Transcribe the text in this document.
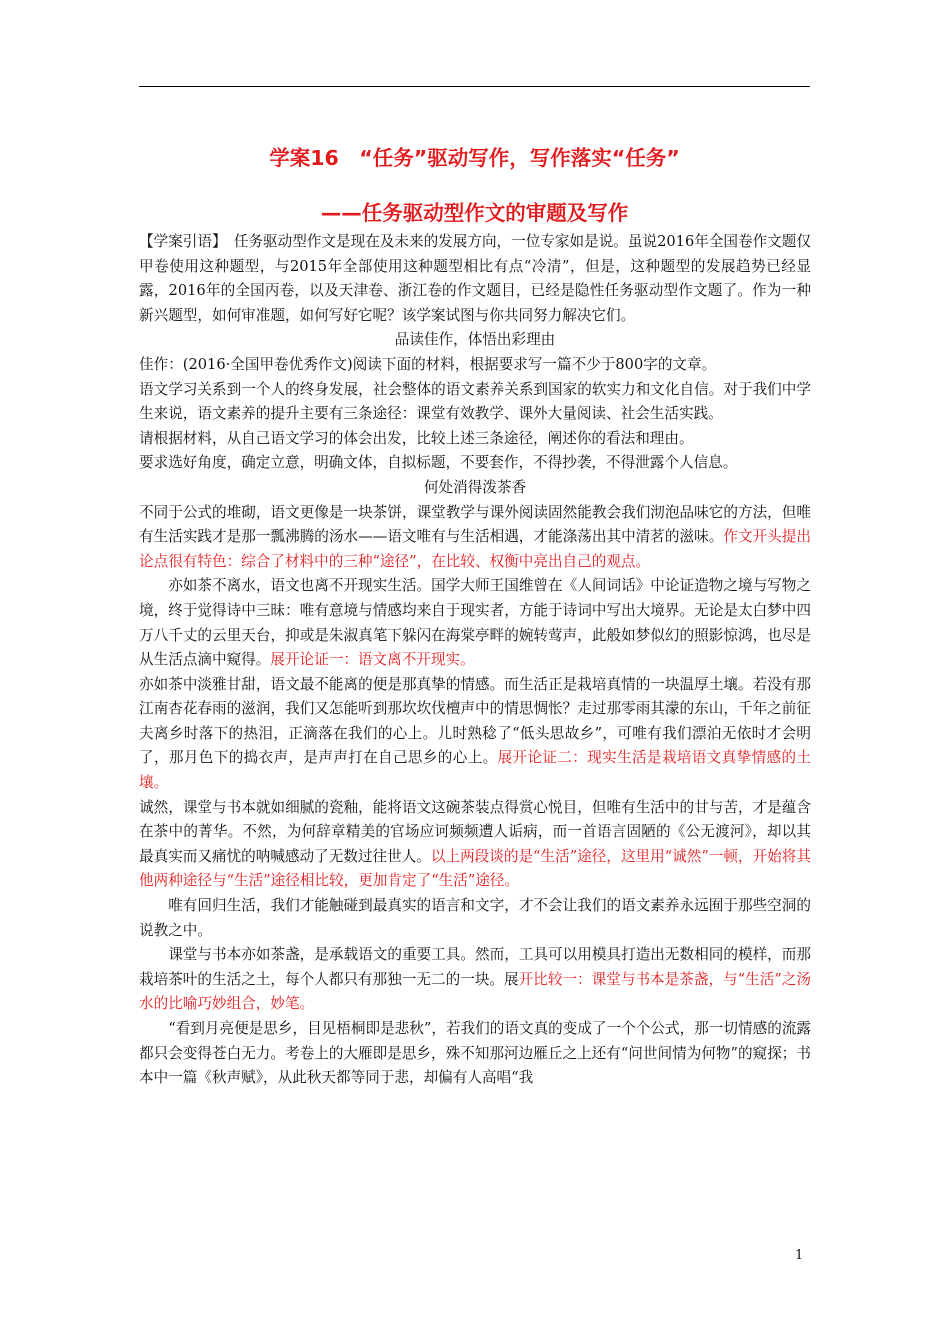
学案16　“任务”驱动写作，写作落实“任务”
——任务驱动型作文的审题及写作

【学案引语】　任务驱动型作文是现在及未来的发展方向，一位专家如是说。虽说2016年全国卷作文题仅甲卷使用这种题型，与2015年全部使用这种题型相比有点“冷清”，但是，这种题型的发展趋势已经显露，2016年的全国丙卷，以及天津卷、浙江卷的作文题目，已经是隐性任务驱动型作文题了。作为一种新兴题型，如何审准题，如何写好它呢？该学案试图与你共同努力解决它们。

品读佳作，体悟出彩理由

佳作：(2016·全国甲卷优秀作文)阅读下面的材料，根据要求写一篇不少于800字的文章。

语文学习关系到一个人的终身发展，社会整体的语文素养关系到国家的软实力和文化自信。对于我们中学生来说，语文素养的提升主要有三条途径：课堂有效教学、课外大量阅读、社会生活实践。

请根据材料，从自己语文学习的体会出发，比较上述三条途径，阐述你的看法和理由。

要求选好角度，确定立意，明确文体，自拟标题，不要套作，不得抄袭，不得泄露个人信息。

何处消得泼茶香

不同于公式的堆砌，语文更像是一块茶饼，课堂教学与课外阅读固然能教会我们沏泡品味它的方法，但唯有生活实践才是那一瓢沸腾的汤水——语文唯有与生活相遇，才能涤荡出其中清茗的滋味。作文开头提出论点很有特色：综合了材料中的三种“途径”，在比较、权衡中亮出自己的观点。

亦如茶不离水，语文也离不开现实生活。国学大师王国维曾在《人间词话》中论证造物之境与写物之境，终于觉得诗中三昧：唯有意境与情感均来自于现实者，方能于诗词中写出大境界。无论是太白梦中四万八千丈的云里天台，抑或是朱淑真笔下躲闪在海棠亭畔的婉转莺声，此般如梦似幻的照影惊鸿，也尽是从生活点滴中窥得。展开论证一：语文离不开现实。

亦如茶中淡雅甘甜，语文最不能离的便是那真挚的情感。而生活正是栽培真情的一块温厚土壤。若没有那江南杏花春雨的滋润，我们又怎能听到那坎坎伐檀声中的情思惆怅？走过那零雨其濛的东山，千年之前征夫离乡时落下的热泪，正滴落在我们的心上。儿时熟稔了“低头思故乡”，可唯有我们漂泊无依时才会明了，那月色下的捣衣声，是声声打在自己思乡的心上。展开论证二：现实生活是栽培语文真挚情感的土壤。

诚然，课堂与书本就如细腻的瓷釉，能将语文这碗茶装点得赏心悦目，但唯有生活中的甘与苦，才是蕴含在茶中的菁华。不然，为何辞章精美的官场应诃频频遭人诟病，而一首语言固陋的《公无渡河》，却以其最真实而又痛忧的呐喊感动了无数过往世人。以上两段谈的是“生活”途径，这里用“诚然”一顿，开始将其他两种途径与“生活”途径相比较，更加肯定了“生活”途径。

唯有回归生活，我们才能触碰到最真实的语言和文字，才不会让我们的语文素养永远囿于那些空洞的说教之中。

课堂与书本亦如茶盏，是承载语文的重要工具。然而，工具可以用模具打造出无数相同的模样，而那栽培茶叶的生活之土，每个人都只有那独一无二的一块。展开比较一：课堂与书本是茶盏，与“生活”之汤水的比喻巧妙组合，妙笔。

“看到月亮便是思乡，目见梧桐即是悲秋”，若我们的语文真的变成了一个个公式，那一切情感的流露都只会变得苍白无力。考卷上的大雁即是思乡，殊不知那河边雁丘之上还有“问世间情为何物”的窥探；书本中一篇《秋声赋》，从此秋天都等同于悲，却偏有人高唱“我

1
